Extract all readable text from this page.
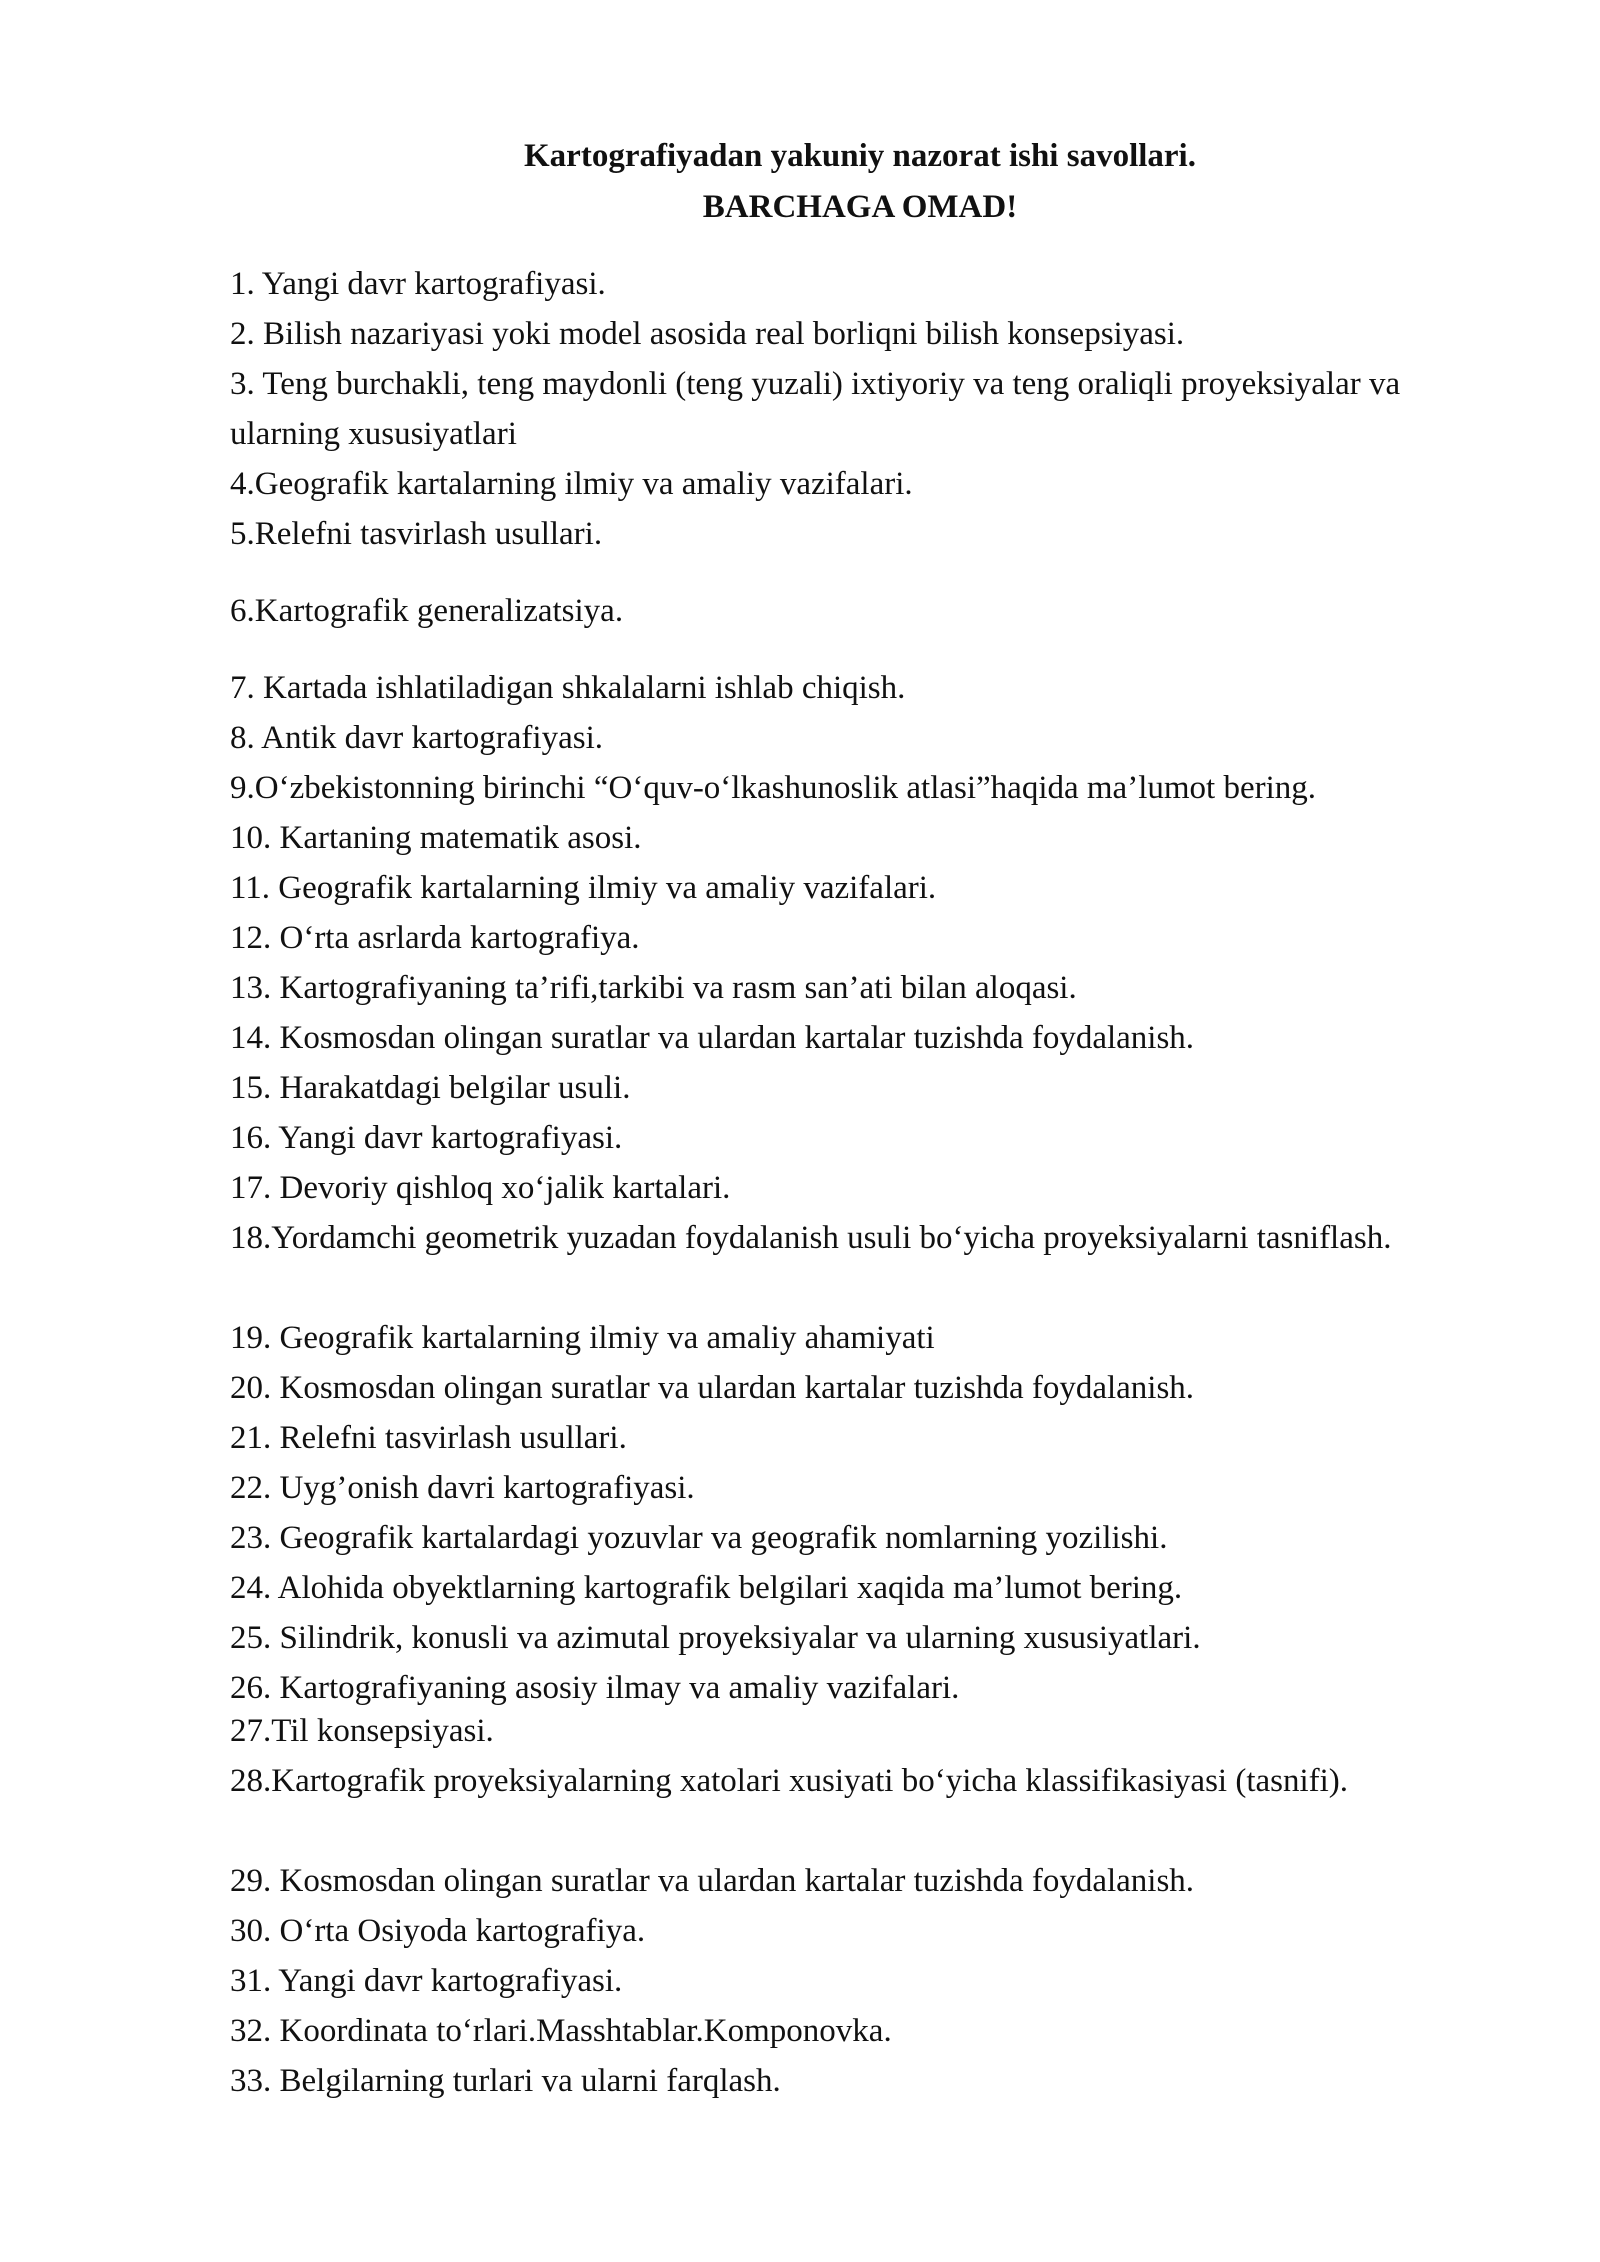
Kartografiyadan yakuniy nazorat ishi savollari.
BARCHAGA OMAD!
1. Yangi davr kartografiyasi.
2. Bilish nazariyasi yoki model asosida real borliqni bilish konsepsiyasi.
3. Teng burchakli, teng maydonli (teng yuzali) ixtiyoriy va teng oraliqli proyeksiyalar va ularning xususiyatlari
4.Geografik kartalarning ilmiy va amaliy vazifalari.
5.Relefni tasvirlash usullari.
6.Kartografik generalizatsiya.
7. Kartada ishlatiladigan shkalalarni ishlab chiqish.
8. Antik davr kartografiyasi.
9.O‘zbekistonning birinchi “O‘quv-o‘lkashunoslik atlasi”haqida ma’lumot bering.
10. Kartaning matematik asosi.
11. Geografik kartalarning ilmiy va amaliy vazifalari.
12. O‘rta asrlarda kartografiya.
13. Kartografiyaning ta’rifi,tarkibi va rasm san’ati bilan aloqasi.
14. Kosmosdan olingan suratlar va ulardan kartalar tuzishda foydalanish.
15. Harakatdagi belgilar usuli.
16. Yangi davr kartografiyasi.
17. Devoriy qishloq xo‘jalik kartalari.
18.Yordamchi geometrik yuzadan foydalanish usuli bo‘yicha proyeksiyalarni tasniflash.
19. Geografik kartalarning ilmiy va amaliy ahamiyati
20. Kosmosdan olingan suratlar va ulardan kartalar tuzishda foydalanish.
21. Relefni tasvirlash usullari.
22. Uyg’onish davri kartografiyasi.
23. Geografik kartalardagi yozuvlar va geografik nomlarning yozilishi.
24. Alohida obyektlarning kartografik belgilari xaqida ma’lumot bering.
25. Silindrik, konusli va azimutal proyeksiyalar va ularning xususiyatlari.
26. Kartografiyaning asosiy ilmay va amaliy vazifalari.
27.Til konsepsiyasi.
28.Kartografik proyeksiyalarning xatolari xusiyati bo‘yicha klassifikasiyasi (tasnifi).
29. Kosmosdan olingan suratlar va ulardan kartalar tuzishda foydalanish.
30. O‘rta Osiyoda kartografiya.
31. Yangi davr kartografiyasi.
32. Koordinata to‘rlari.Masshtablar.Komponovka.
33. Belgilarning turlari va ularni farqlash.
